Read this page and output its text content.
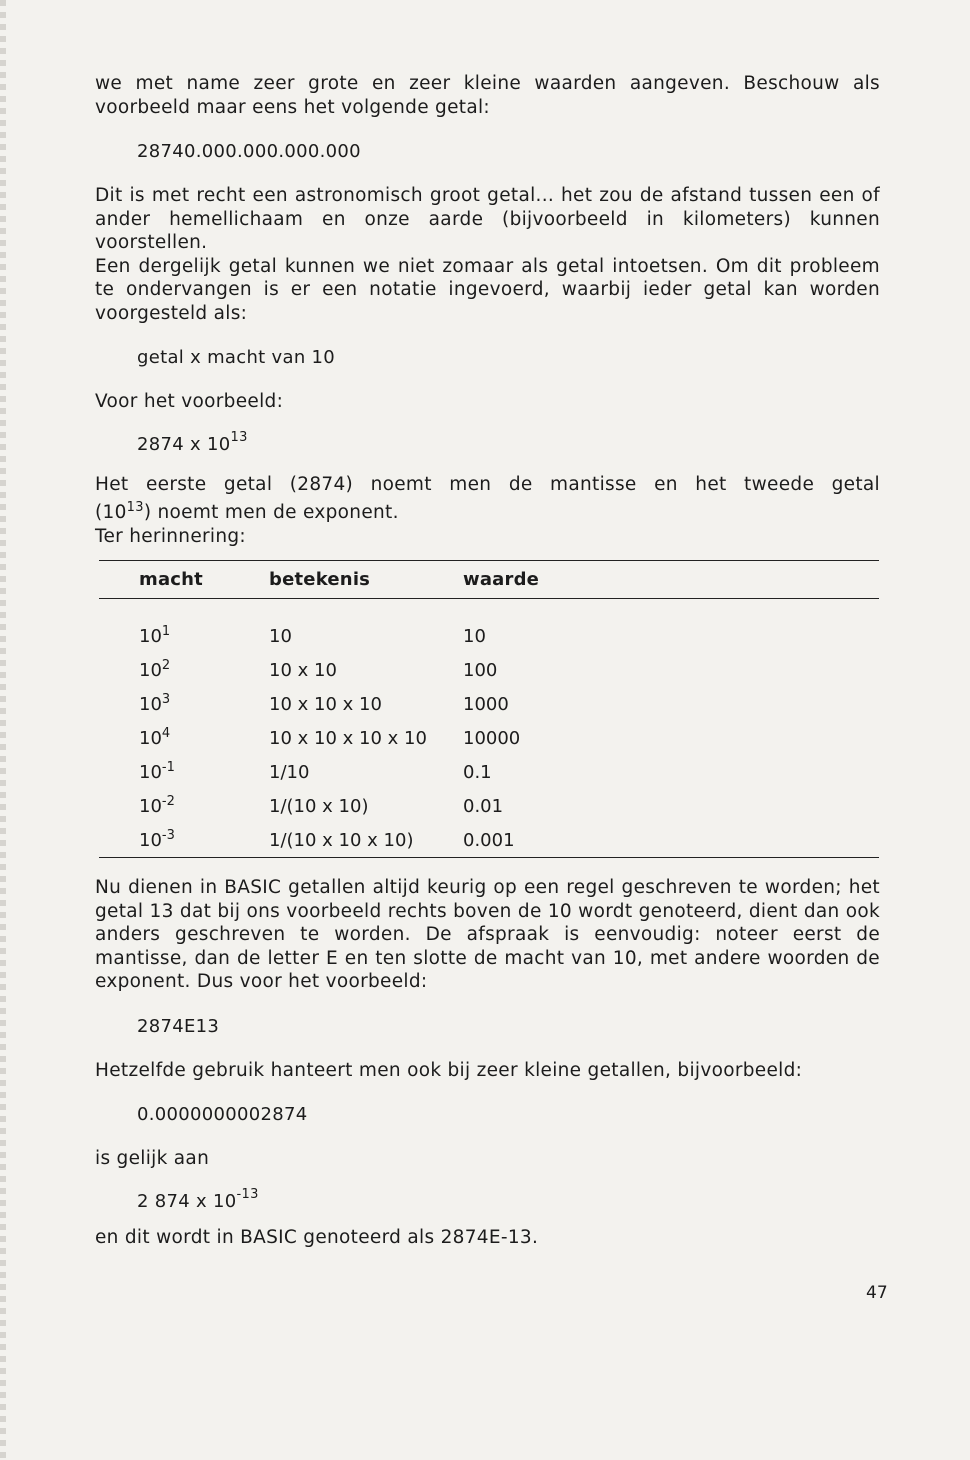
we met name zeer grote en zeer kleine waarden aangeven. Beschouw als voorbeeld maar eens het volgende getal:

28740.000.000.000.000

Dit is met recht een astronomisch groot getal... het zou de afstand tussen een of ander hemellichaam en onze aarde (bijvoorbeeld in kilometers) kunnen voorstellen.

Een dergelijk getal kunnen we niet zomaar als getal intoetsen. Om dit probleem te ondervangen is er een notatie ingevoerd, waarbij ieder getal kan worden voorgesteld als:

getal x macht van 10

Voor het voorbeeld:

2874 x $10^{13}$

Het eerste getal (2874) noemt men de mantisse en het tweede getal

$(10^{13})$ noemt men de exponent.

Ter herinnering:

macht	betekenis	waarde
$10^1$	10	10
$10^2$	10 x 10	100
$10^3$	10 x 10 x 10	1000
$10^4$	10 x 10 x 10 x 10	10000
$10^{-1}$	1/10	0.1
$10^{-2}$	1/(10 x 10)	0.01
$10^{-3}$	1/(10 x 10 x 10)	0.001

Nu dienen in BASIC getallen altijd keurig op een regel geschreven te worden; het getal 13 dat bij ons voorbeeld rechts boven de 10 wordt genoteerd, dient dan ook anders geschreven te worden. De afspraak is eenvoudig: noteer eerst de mantisse, dan de letter E en ten slotte de macht van 10, met andere woorden de exponent. Dus voor het voorbeeld:

2874E13

Hetzelfde gebruik hanteert men ook bij zeer kleine getallen, bijvoorbeeld:

0.0000000002874

is gelijk aan

2 874 x $10^{-13}$

en dit wordt in BASIC genoteerd als 2874E-13.

47
